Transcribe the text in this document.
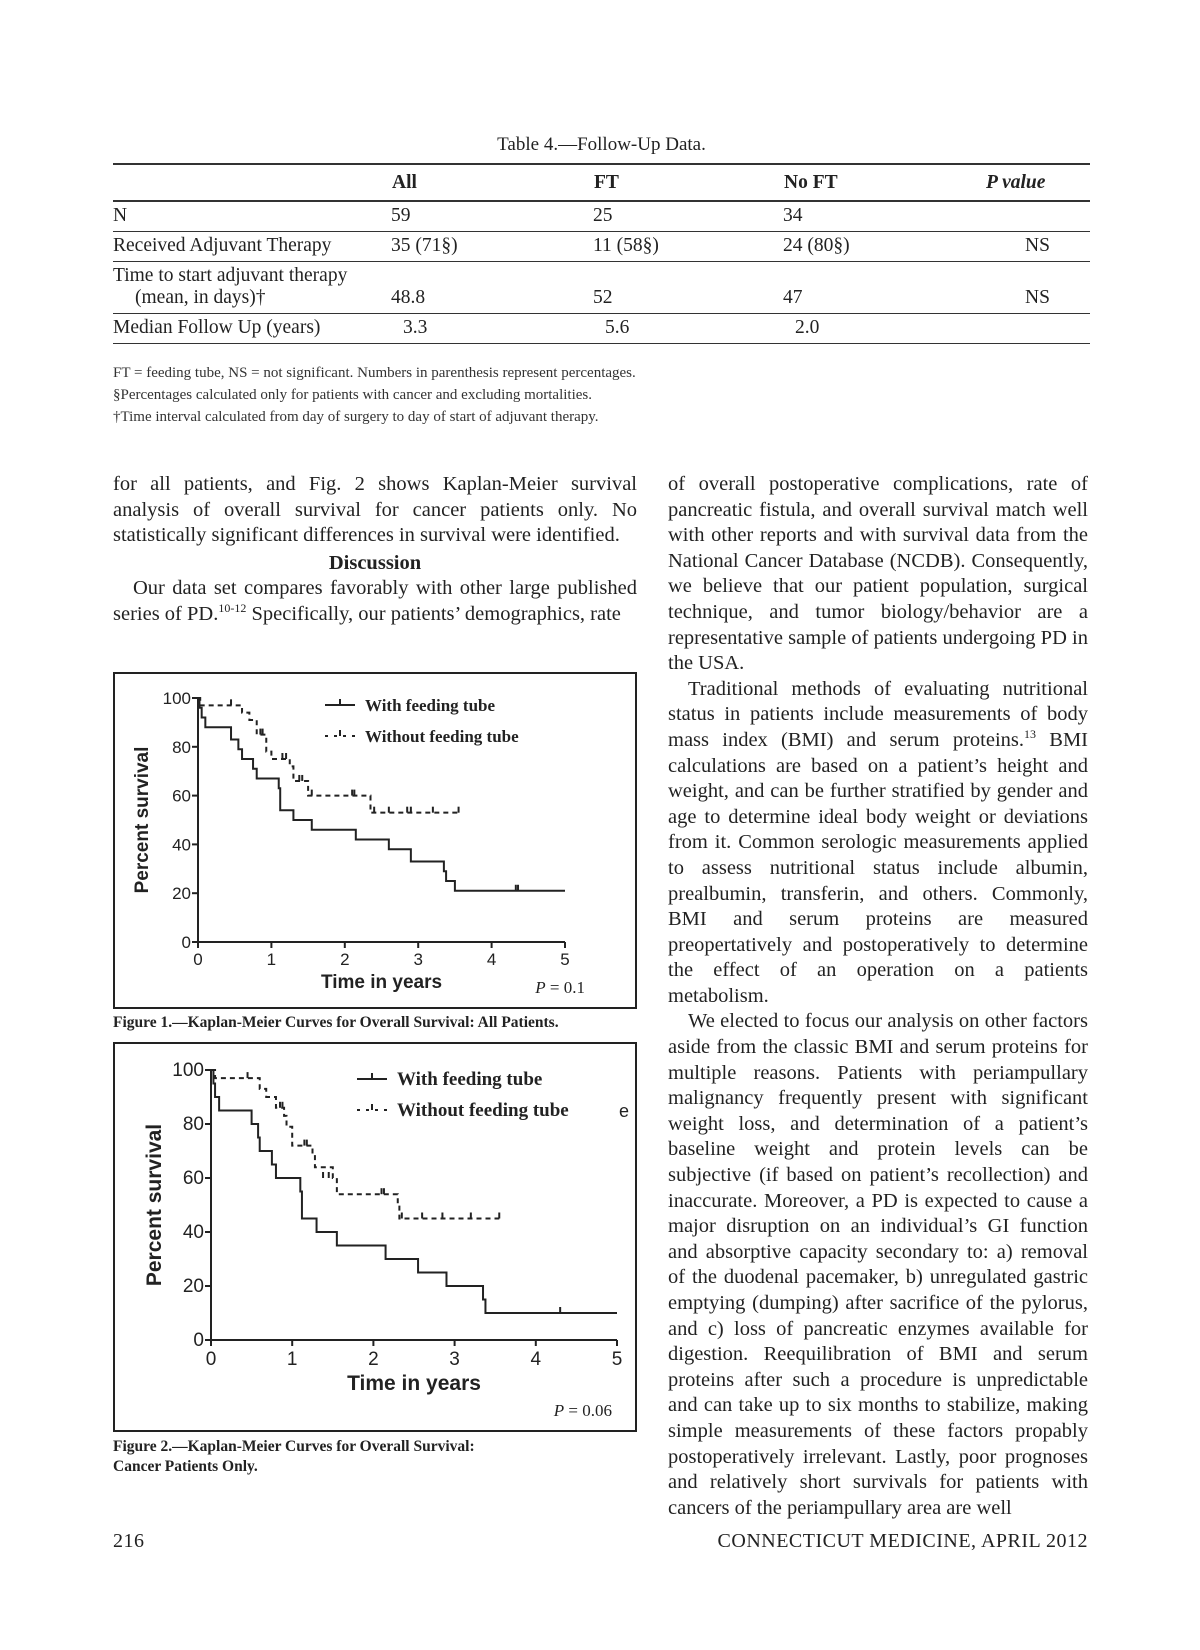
Table 4.—Follow-Up Data.
	All	FT	No FT	P value
N	59	25	34	
Received Adjuvant Therapy	35 (71§)	11 (58§)	24 (80§)	NS

Time to start adjuvant therapy
(mean, in days)†	48.8	52	47	NS
Median Follow Up (years)	3.3	5.6	2.0	
FT = feeding tube, NS = not significant. Numbers in parenthesis represent percentages.
§Percentages calculated only for patients with cancer and excluding mortalities.
†Time interval calculated from day of surgery to day of start of adjuvant therapy.

for all patients, and Fig. 2 shows Kaplan-Meier survival analysis of overall survival for cancer patients only. No statistically significant differences in survival were identified.

Discussion

Our data set compares favorably with other large published series of PD.$^{10-12}$ Specifically, our patients’ demographics, rate

of overall postoperative complications, rate of pancreatic fistula, and overall survival match well with other reports and with survival data from the National Cancer Database (NCDB). Consequently, we believe that our patient population, surgical technique, and tumor biology/behavior are a representative sample of patients undergoing PD in the USA.

Traditional methods of evaluating nutritional status in patients include measurements of body mass index (BMI) and serum proteins.$^{13}$ BMI calculations are based on a patient’s height and weight, and can be further stratified by gender and age to determine ideal body weight or deviations from it. Common serologic measurements applied to assess nutritional status include albumin, prealbumin, transferin, and others. Commonly, BMI and serum proteins are measured preopertatively and postoperatively to determine the effect of an operation on a patients metabolism.

We elected to focus our analysis on other factors aside from the classic BMI and serum proteins for multiple reasons. Patients with periampullary malignancy frequently present with significant weight loss, and determination of a patient’s baseline weight and protein levels can be subjective (if based on patient’s recollection) and inaccurate. Moreover, a PD is expected to cause a major disruption on an individual’s GI function and absorptive capacity secondary to: a) removal of the duodenal pacemaker, b) unregulated gastric emptying (dumping) after sacrifice of the pylorus, and c) loss of pancreatic enzymes available for digestion. Reequilibration of BMI and serum proteins after such a procedure is unpredictable and can take up to six months to stabilize, making simple measurements of these factors propably postoperatively irrelevant. Lastly, poor prognoses and relatively short survivals for patients with cancers of the periampullary area are well

0	1	2	3	4	5
0
20
40
60
80
100
Time in years
Percent survival
With feeding tube
Without feeding tube
P = 0.1
Figure 1.—Kaplan-Meier Curves for Overall Survival: All Patients.
0	1	2	3	4	5
0
20
40
60
80
100
Time in years
Percent survival
With feeding tube
Without feeding tube
P = 0.06
e
Figure 2.—Kaplan-Meier Curves for Overall Survival:
Cancer Patients Only.
216	CONNECTICUT MEDICINE, APRIL 2012
